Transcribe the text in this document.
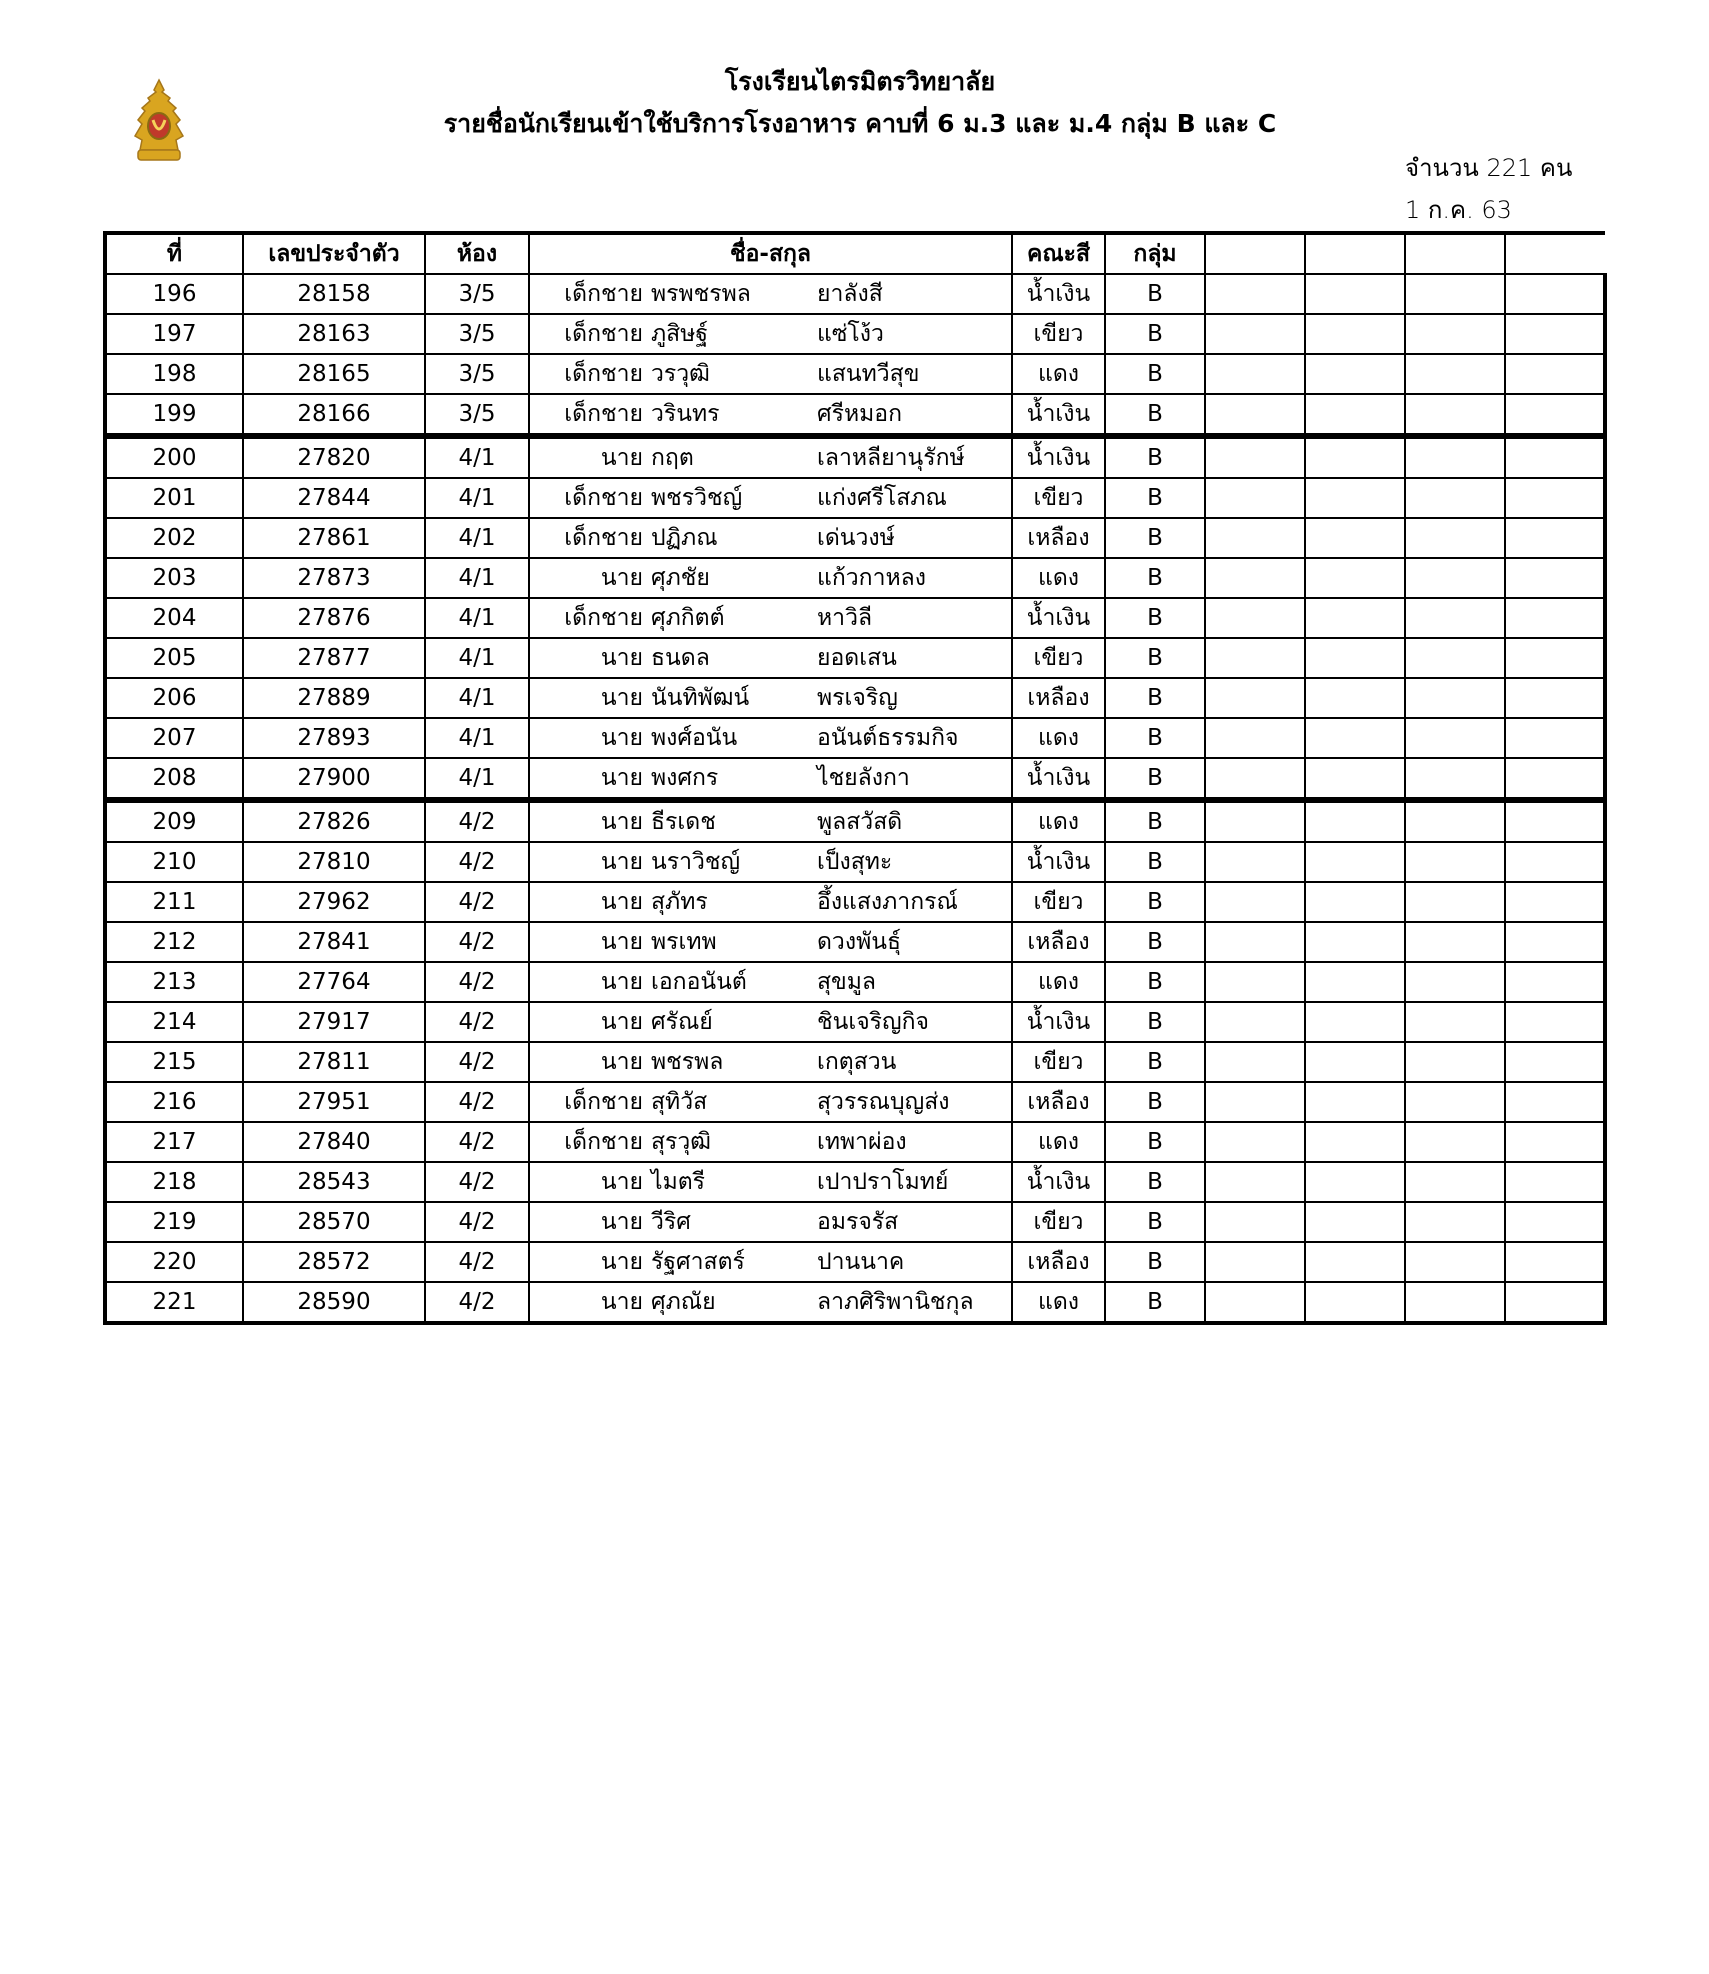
โรงเรียนไตรมิตรวิทยาลัย
รายชื่อนักเรียนเข้าใช้บริการโรงอาหาร คาบที่ 6 ม.3 และ ม.4 กลุ่ม B และ C
จำนวน 221 คน
1 ก.ค. 63
ที่	เลขประจำตัว	ห้อง	ชื่อ-สกุล	คณะสี	กลุ่ม				
196	28158	3/5	เด็กชาย พรพชรพล ยาลังสี	น้ำเงิน	B				
197	28163	3/5	เด็กชาย ภูสิษฐ์ แซ่โง้ว	เขียว	B				
198	28165	3/5	เด็กชาย วรวุฒิ แสนทวีสุข	แดง	B				
199	28166	3/5	เด็กชาย วรินทร ศรีหมอก	น้ำเงิน	B				
200	27820	4/1	นาย กฤต เลาหลียานุรักษ์	น้ำเงิน	B				
201	27844	4/1	เด็กชาย พชรวิชญ์ แก่งศรีโสภณ	เขียว	B				
202	27861	4/1	เด็กชาย ปฏิภณ เด่นวงษ์	เหลือง	B				
203	27873	4/1	นาย ศุภชัย แก้วกาหลง	แดง	B				
204	27876	4/1	เด็กชาย ศุภกิตต์ หาวิลี	น้ำเงิน	B				
205	27877	4/1	นาย ธนดล ยอดเสน	เขียว	B				
206	27889	4/1	นาย นันทิพัฒน์ พรเจริญ	เหลือง	B				
207	27893	4/1	นาย พงศ์อนัน อนันต์ธรรมกิจ	แดง	B				
208	27900	4/1	นาย พงศกร ไชยลังกา	น้ำเงิน	B				
209	27826	4/2	นาย ธีรเดช พูลสวัสดิ	แดง	B				
210	27810	4/2	นาย นราวิชญ์ เป็งสุทะ	น้ำเงิน	B				
211	27962	4/2	นาย สุภัทร อึ้งแสงภากรณ์	เขียว	B				
212	27841	4/2	นาย พรเทพ ดวงพันธุ์	เหลือง	B				
213	27764	4/2	นาย เอกอนันต์ สุขมูล	แดง	B				
214	27917	4/2	นาย ศรัณย์ ชินเจริญกิจ	น้ำเงิน	B				
215	27811	4/2	นาย พชรพล เกตุสวน	เขียว	B				
216	27951	4/2	เด็กชาย สุทิวัส สุวรรณบุญส่ง	เหลือง	B				
217	27840	4/2	เด็กชาย สุรวุฒิ เทพาผ่อง	แดง	B				
218	28543	4/2	นาย ไมตรี เปาปราโมทย์	น้ำเงิน	B				
219	28570	4/2	นาย วีริศ อมรจรัส	เขียว	B				
220	28572	4/2	นาย รัฐศาสตร์ ปานนาค	เหลือง	B				
221	28590	4/2	นาย ศุภณัย ลาภศิริพานิชกุล	แดง	B				
